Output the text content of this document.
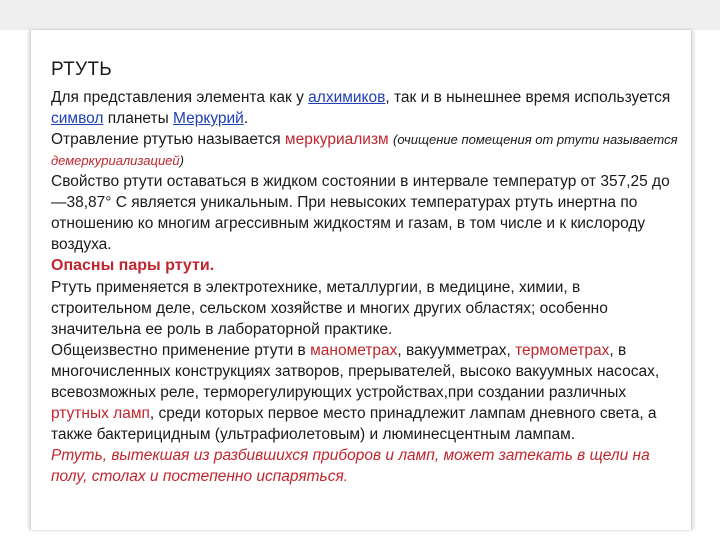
РТУТЬ

Для представления элемента как у алхимиков, так и в нынешнее время используется символ планеты Меркурий.

Отравление ртутью называется меркуриализм (очищение помещения от ртути называется демеркуриализацией)

Свойство ртути оставаться в жидком состоянии в интервале температур от 357,25 до —38,87° С является уникальным. При невысоких температурах ртуть инертна по отношению ко многим агрессивным жидкостям и газам, в том числе и к кислороду воздуха.

Опасны пары ртути.

Ртуть применяется в электротехнике, металлургии, в медицине, химии, в строительном деле, сельском хозяйстве и многих других областях; особенно значительна ее роль в лабораторной практике.

Общеизвестно применение ртути в манометрах, вакуумметрах, термометрах, в многочисленных конструкциях затворов, прерывателей, высоко вакуумных насосах, всевозможных реле, терморегулирующих устройствах,при создании различных ртутных ламп, среди которых первое место принадлежит лампам дневного света, а также бактерицидным (ультрафиолетовым) и люминесцентным лампам.

Ртуть, вытекшая из разбившихся приборов и ламп, может затекать в щели на полу, столах и постепенно испаряться.
